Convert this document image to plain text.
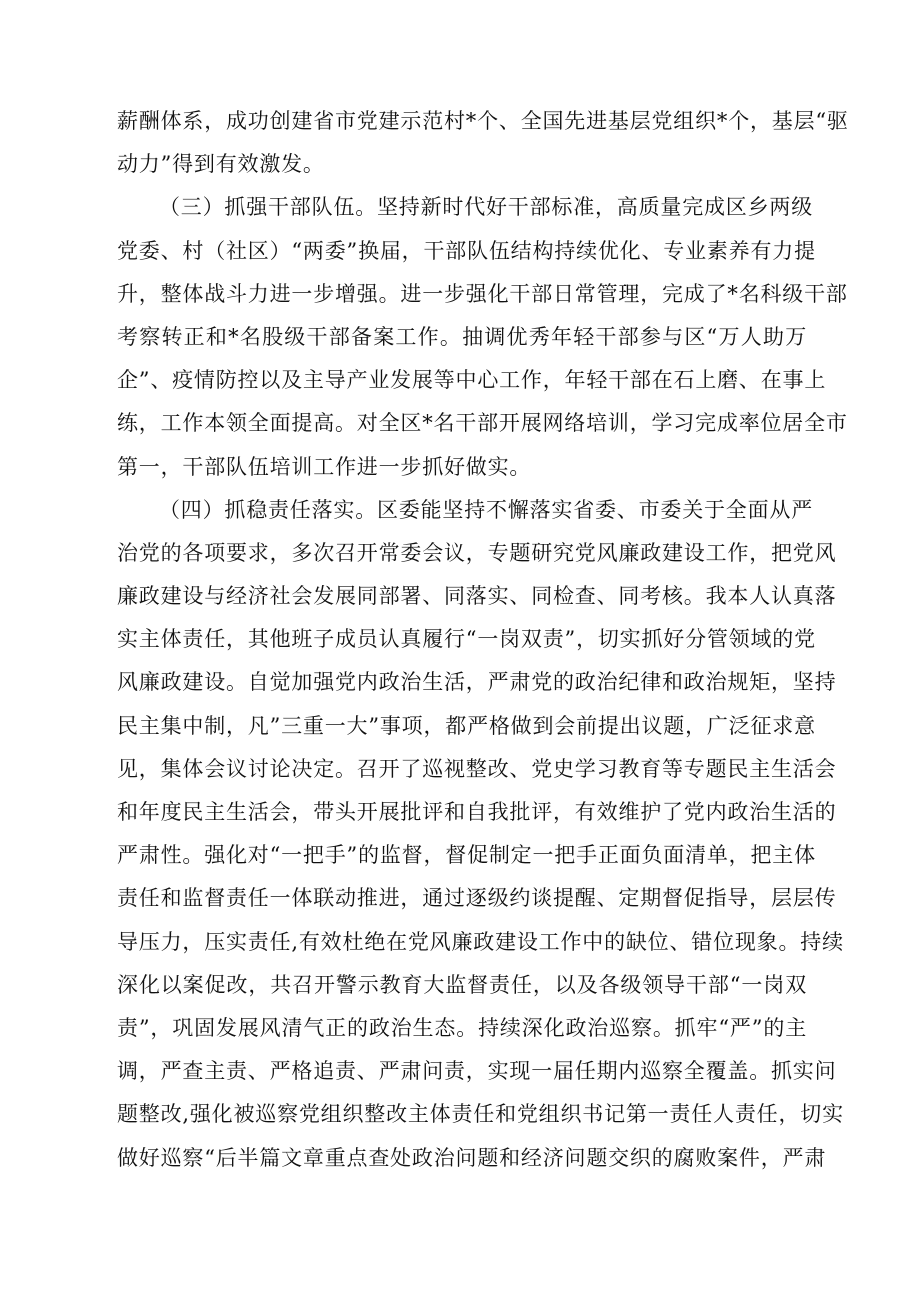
薪酬体系，成功创建省市党建示范村*个、全国先进基层党组织*个，基层“驱
动力”得到有效激发。
（三）抓强干部队伍。坚持新时代好干部标准，高质量完成区乡两级
党委、村（社区）“两委”换届，干部队伍结构持续优化、专业素养有力提
升，整体战斗力进一步增强。进一步强化干部日常管理，完成了*名科级干部
考察转正和*名股级干部备案工作。抽调优秀年轻干部参与区“万人助万
企”、疫情防控以及主导产业发展等中心工作，年轻干部在石上磨、在事上
练，工作本领全面提高。对全区*名干部开展网络培训，学习完成率位居全市
第一，干部队伍培训工作进一步抓好做实。
（四）抓稳责任落实。区委能坚持不懈落实省委、市委关于全面从严
治党的各项要求，多次召开常委会议，专题研究党风廉政建设工作，把党风
廉政建设与经济社会发展同部署、同落实、同检查、同考核。我本人认真落
实主体责任，其他班子成员认真履行“一岗双责”，切实抓好分管领域的党
风廉政建设。自觉加强党内政治生活，严肃党的政治纪律和政治规矩，坚持
民主集中制，凡”三重一大”事项，都严格做到会前提出议题，广泛征求意
见，集体会议讨论决定。召开了巡视整改、党史学习教育等专题民主生活会
和年度民主生活会，带头开展批评和自我批评，有效维护了党内政治生活的
严肃性。强化对“一把手”的监督，督促制定一把手正面负面清单，把主体
责任和监督责任一体联动推进，通过逐级约谈提醒、定期督促指导，层层传
导压力，压实责任,有效杜绝在党风廉政建设工作中的缺位、错位现象。持续
深化以案促改，共召开警示教育大监督责任，以及各级领导干部“一岗双
责”，巩固发展风清气正的政治生态。持续深化政治巡察。抓牢“严”的主
调，严查主责、严格追责、严肃问责，实现一届任期内巡察全覆盖。抓实问
题整改,强化被巡察党组织整改主体责任和党组织书记第一责任人责任，切实
做好巡察“后半篇文章重点查处政治问题和经济问题交织的腐败案件，严肃
